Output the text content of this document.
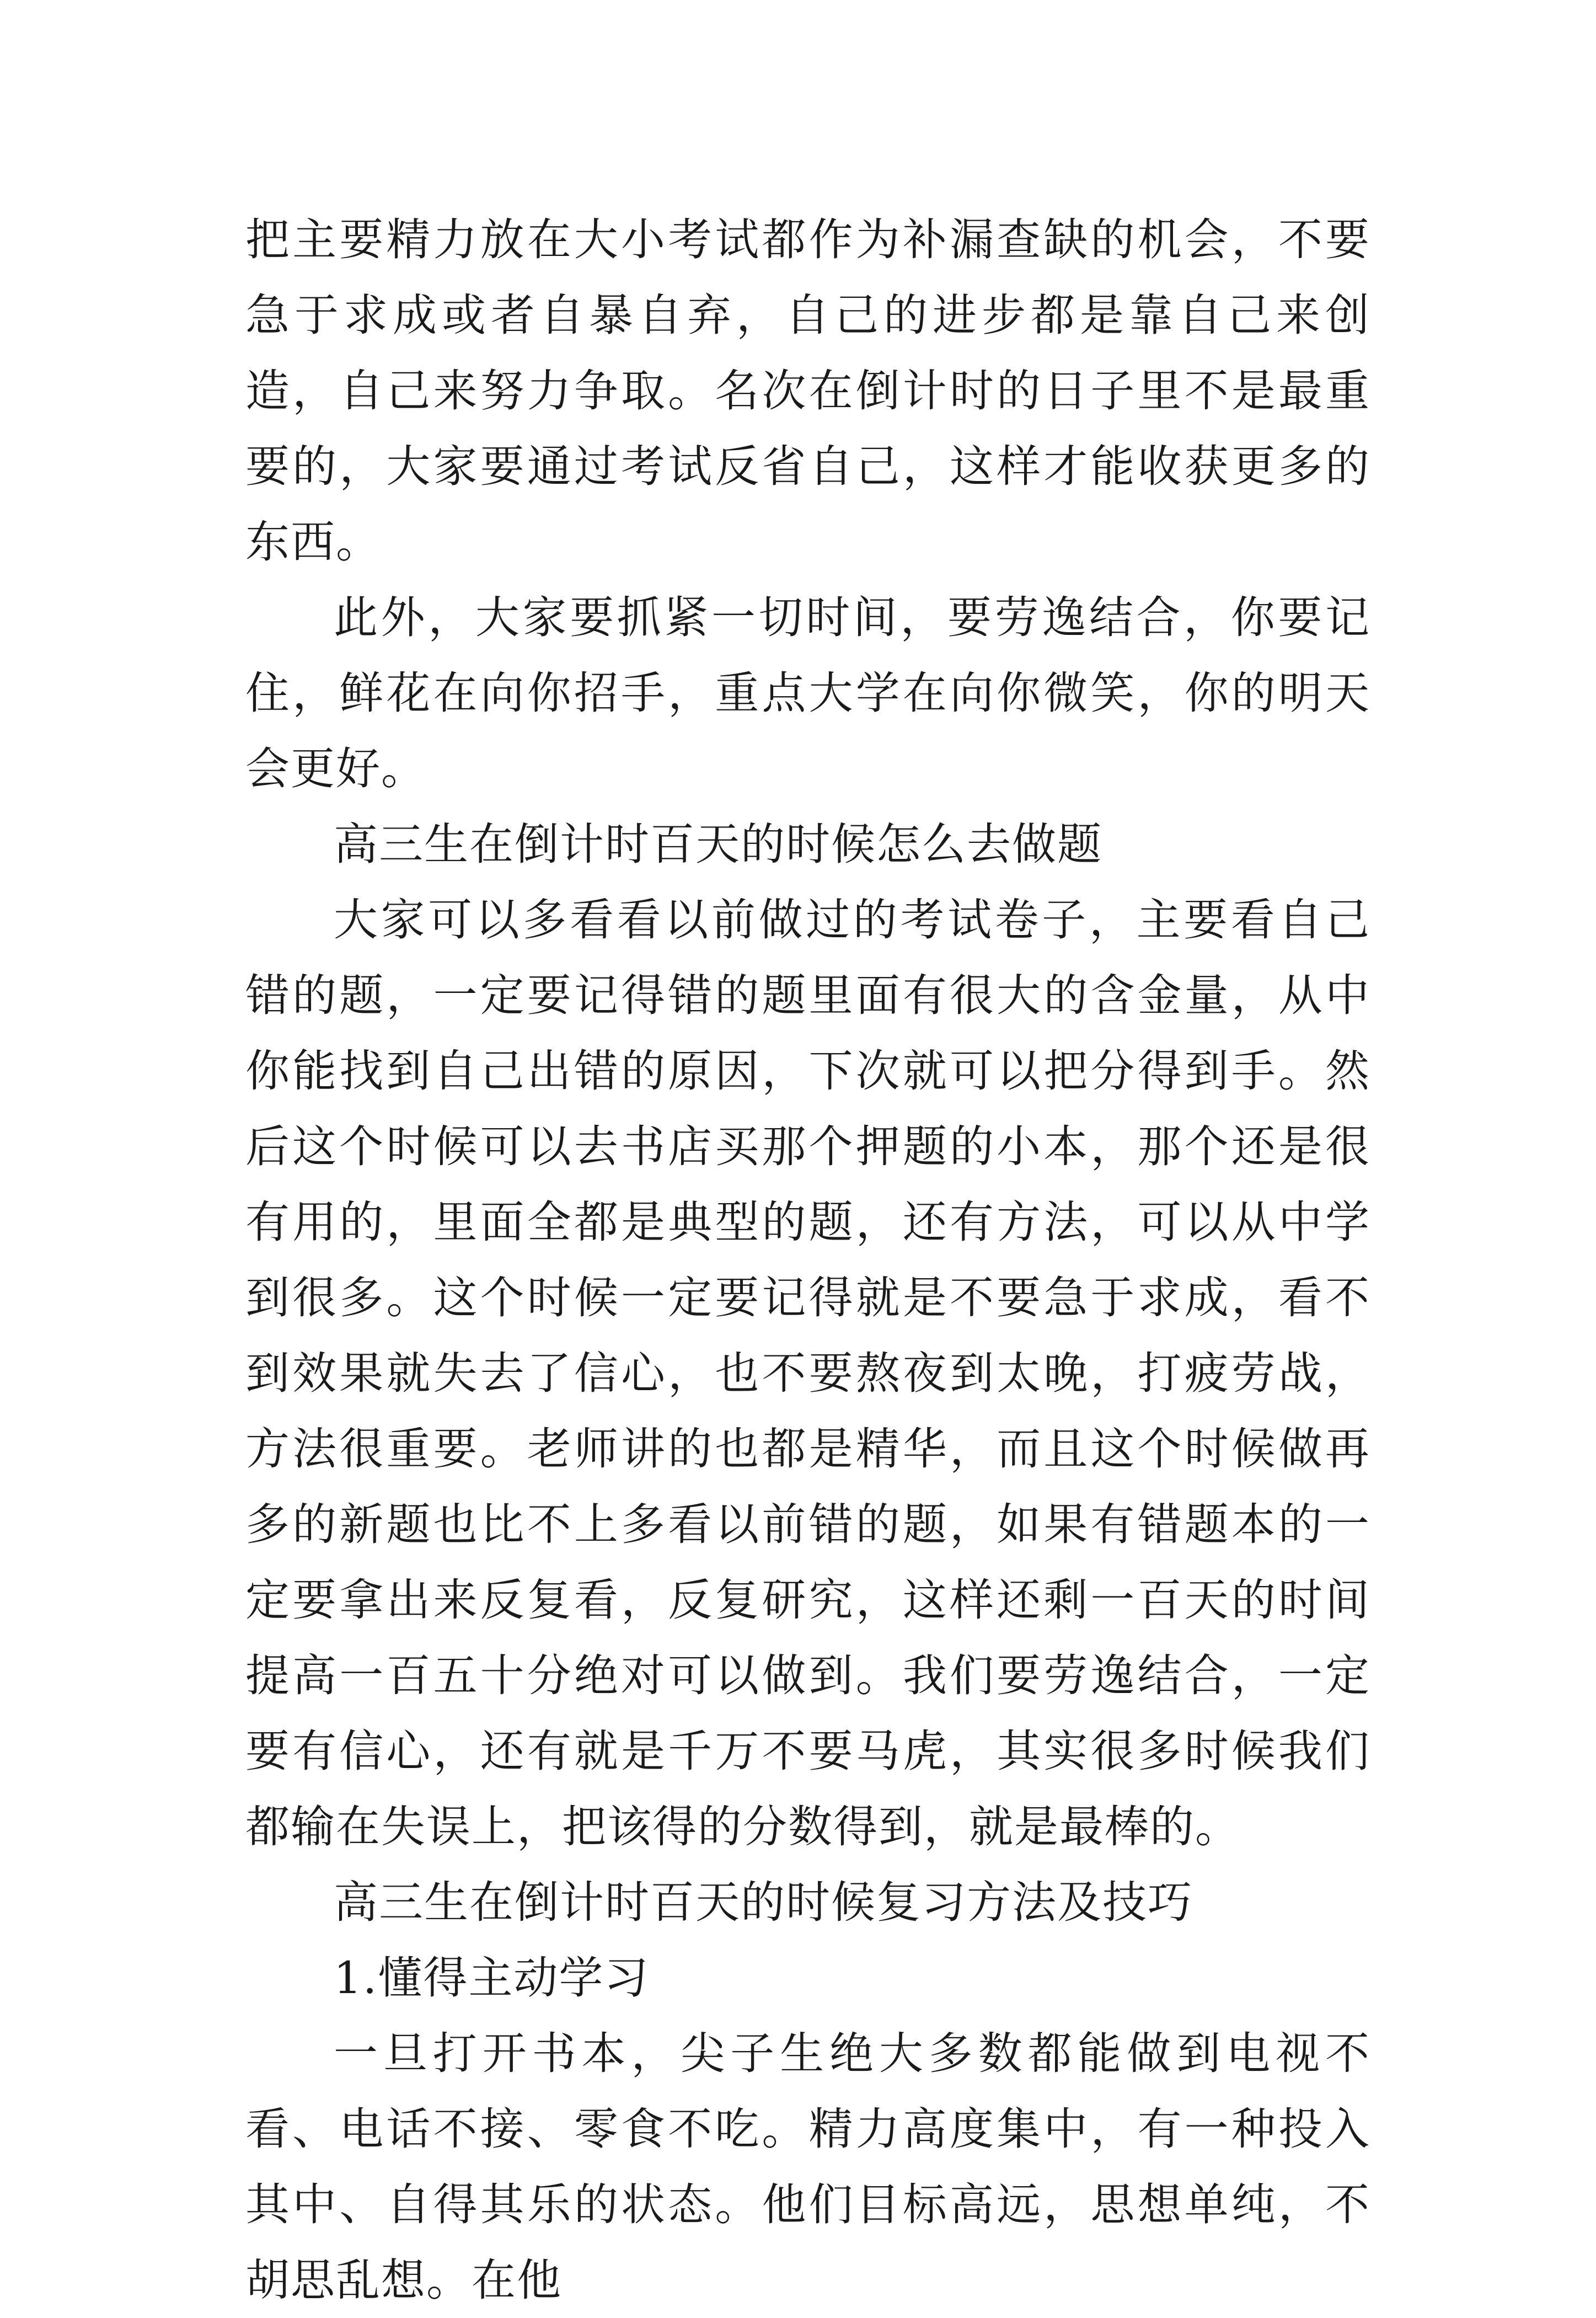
把主要精力放在大小考试都作为补漏查缺的机会，不要急于求成或者自暴自弃，自己的进步都是靠自己来创造，自己来努力争取。名次在倒计时的日子里不是最重要的，大家要通过考试反省自己，这样才能收获更多的东西。

此外，大家要抓紧一切时间，要劳逸结合，你要记住，鲜花在向你招手，重点大学在向你微笑，你的明天会更好。

高三生在倒计时百天的时候怎么去做题

大家可以多看看以前做过的考试卷子，主要看自己错的题，一定要记得错的题里面有很大的含金量，从中你能找到自己出错的原因，下次就可以把分得到手。然后这个时候可以去书店买那个押题的小本，那个还是很有用的，里面全都是典型的题，还有方法，可以从中学到很多。这个时候一定要记得就是不要急于求成，看不到效果就失去了信心，也不要熬夜到太晚，打疲劳战，方法很重要。老师讲的也都是精华，而且这个时候做再多的新题也比不上多看以前错的题，如果有错题本的一定要拿出来反复看，反复研究，这样还剩一百天的时间提高一百五十分绝对可以做到。我们要劳逸结合，一定要有信心，还有就是千万不要马虎，其实很多时候我们都输在失误上，把该得的分数得到，就是最棒的。

高三生在倒计时百天的时候复习方法及技巧
1.懂得主动学习

一旦打开书本，尖子生绝大多数都能做到电视不看、电话不接、零食不吃。精力高度集中，有一种投入其中、自得其乐的状态。他们目标高远，思想单纯，不胡思乱想。在他
